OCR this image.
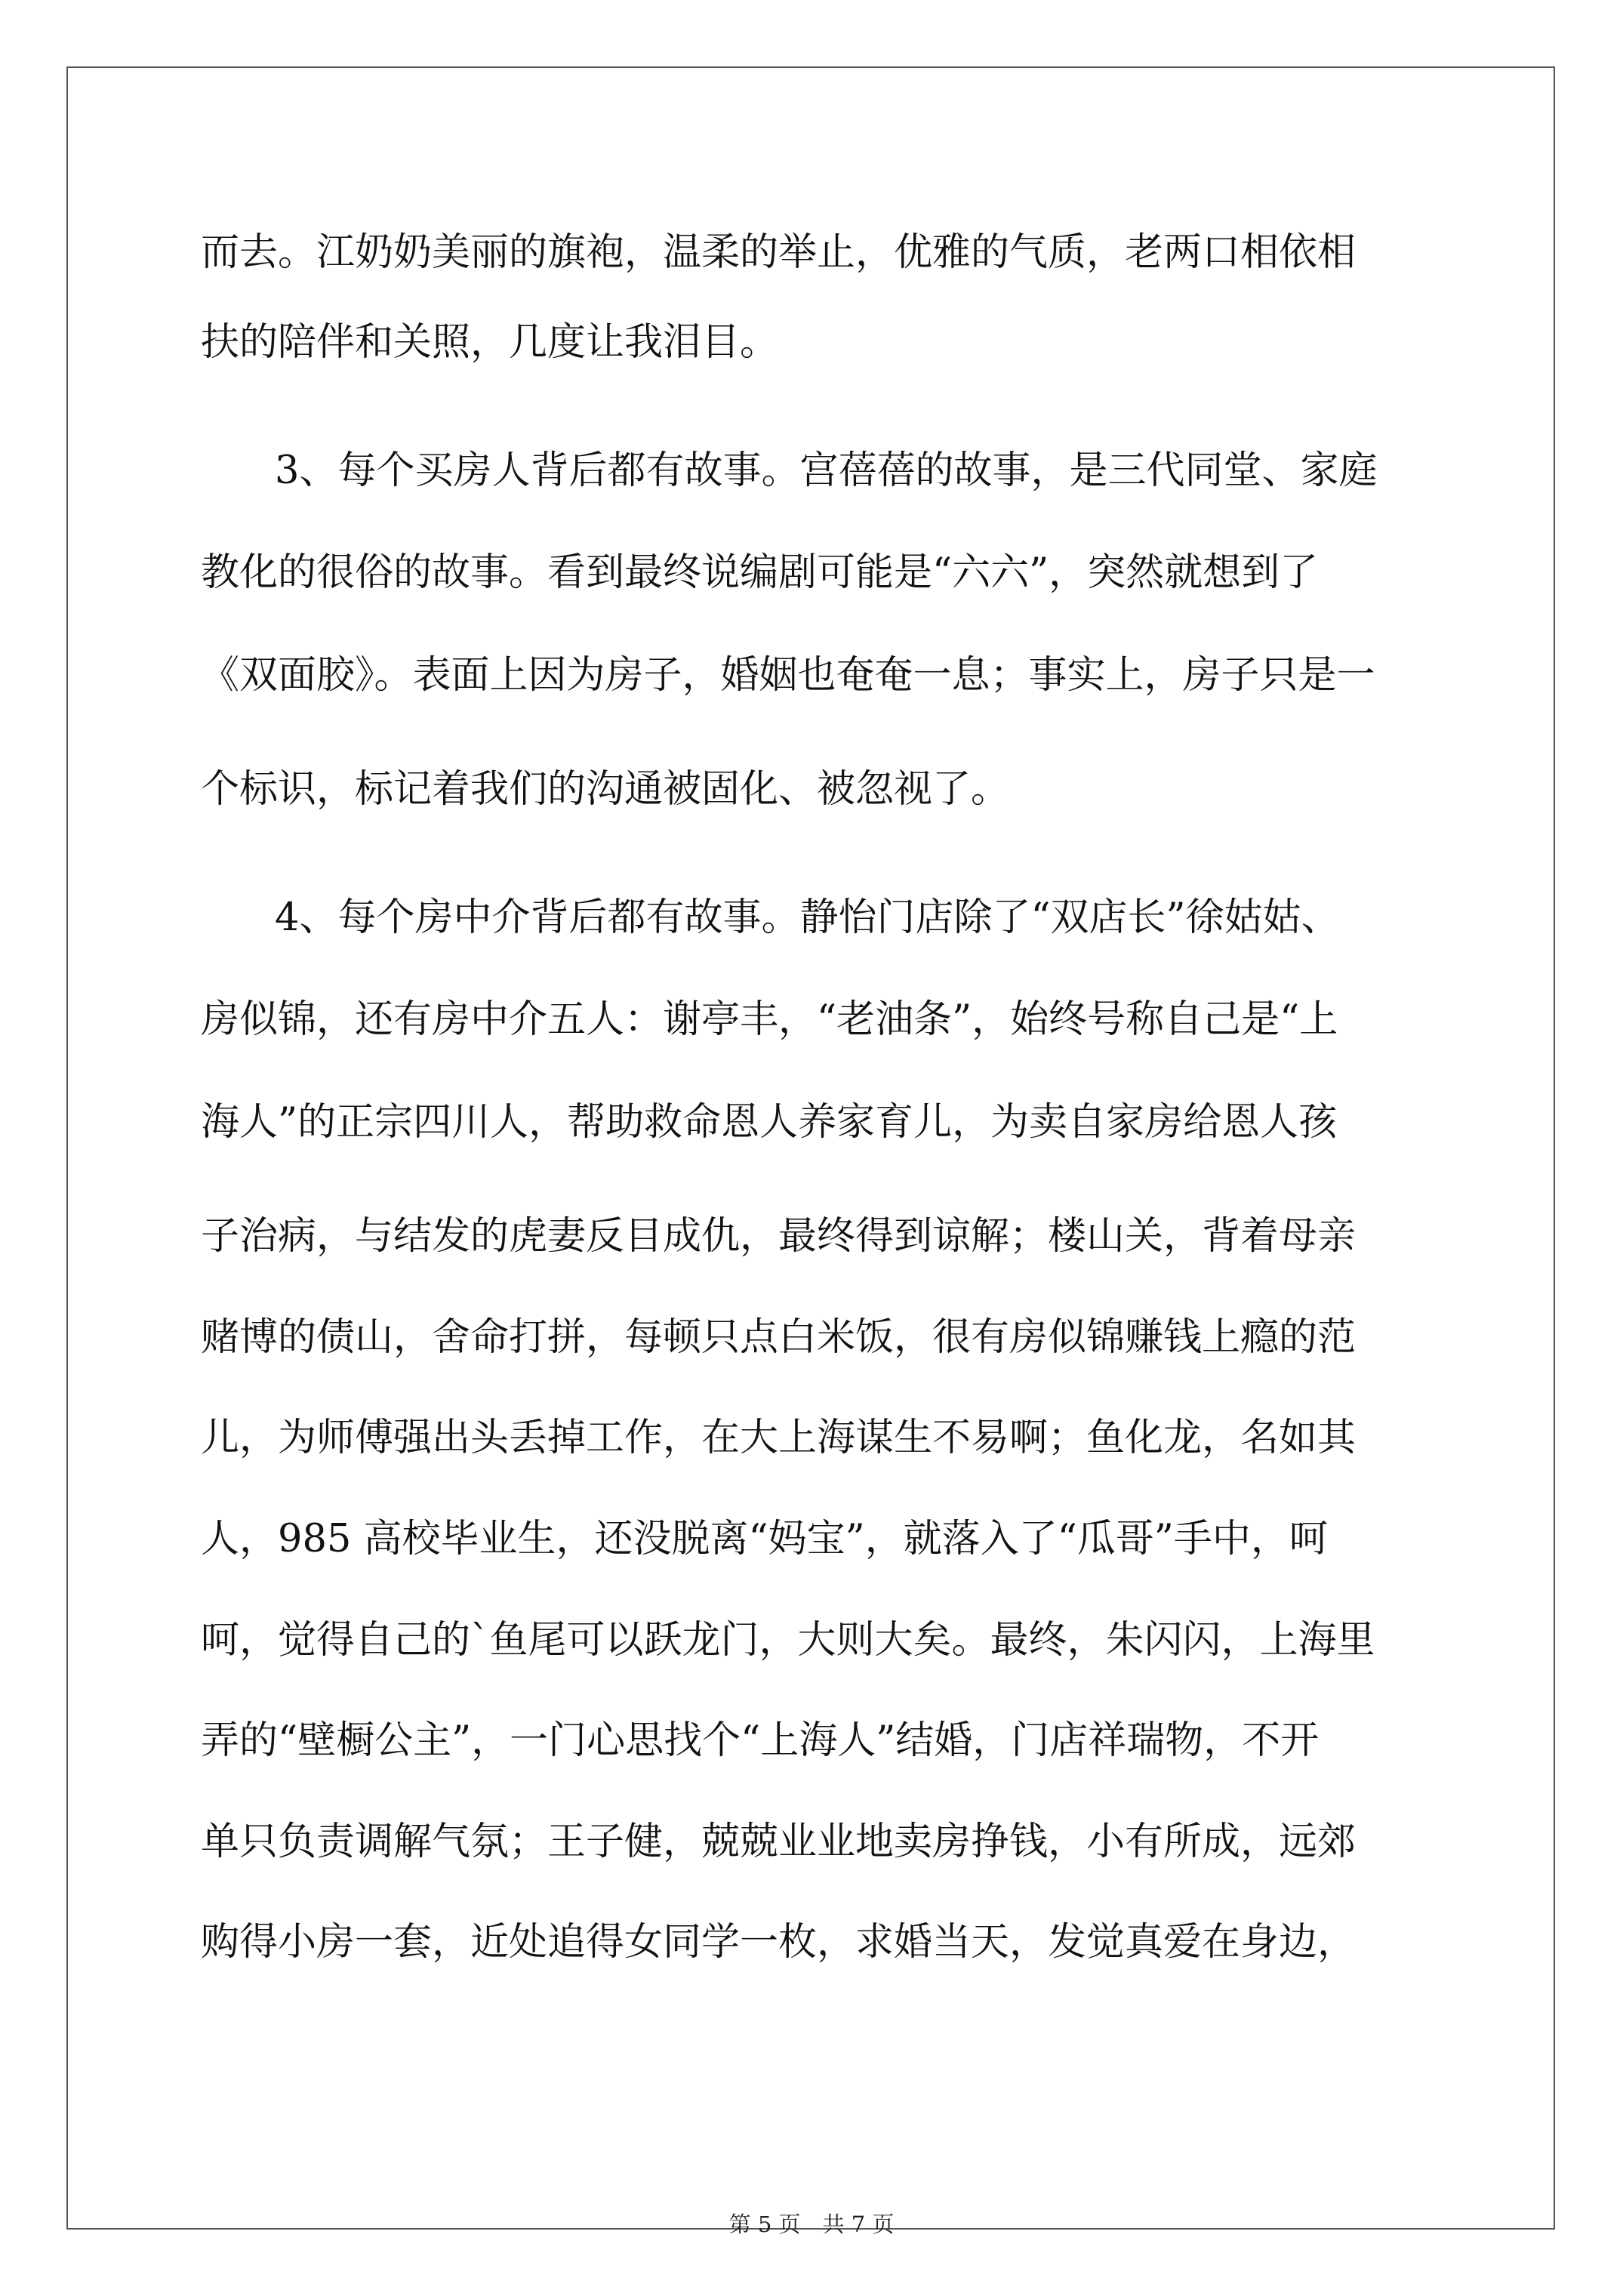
而去。江奶奶美丽的旗袍，温柔的举止，优雅的气质，老两口相依相
扶的陪伴和关照，几度让我泪目。
3、每个买房人背后都有故事。宫蓓蓓的故事，是三代同堂、家庭
教化的很俗的故事。看到最终说编剧可能是“六六”，突然就想到了
《双面胶》。表面上因为房子，婚姻也奄奄一息；事实上，房子只是一
个标识，标记着我们的沟通被固化、被忽视了。
4、每个房中介背后都有故事。静怡门店除了“双店长”徐姑姑、
房似锦，还有房中介五人：谢亭丰，“老油条”，始终号称自己是“上
海人”的正宗四川人，帮助救命恩人养家育儿，为卖自家房给恩人孩
子治病，与结发的虎妻反目成仇，最终得到谅解；楼山关，背着母亲
赌博的债山，舍命打拼，每顿只点白米饭，很有房似锦赚钱上瘾的范
儿，为师傅强出头丢掉工作，在大上海谋生不易啊；鱼化龙，名如其
人，985 高校毕业生，还没脱离“妈宝”，就落入了“瓜哥”手中，呵
呵，觉得自己的`鱼尾可以跃龙门，大则大矣。最终，朱闪闪，上海里
弄的“壁橱公主”，一门心思找个“上海人”结婚，门店祥瑞物，不开
单只负责调解气氛；王子健，兢兢业业地卖房挣钱，小有所成，远郊
购得小房一套，近处追得女同学一枚，求婚当天，发觉真爱在身边，
第 5 页　共 7 页
